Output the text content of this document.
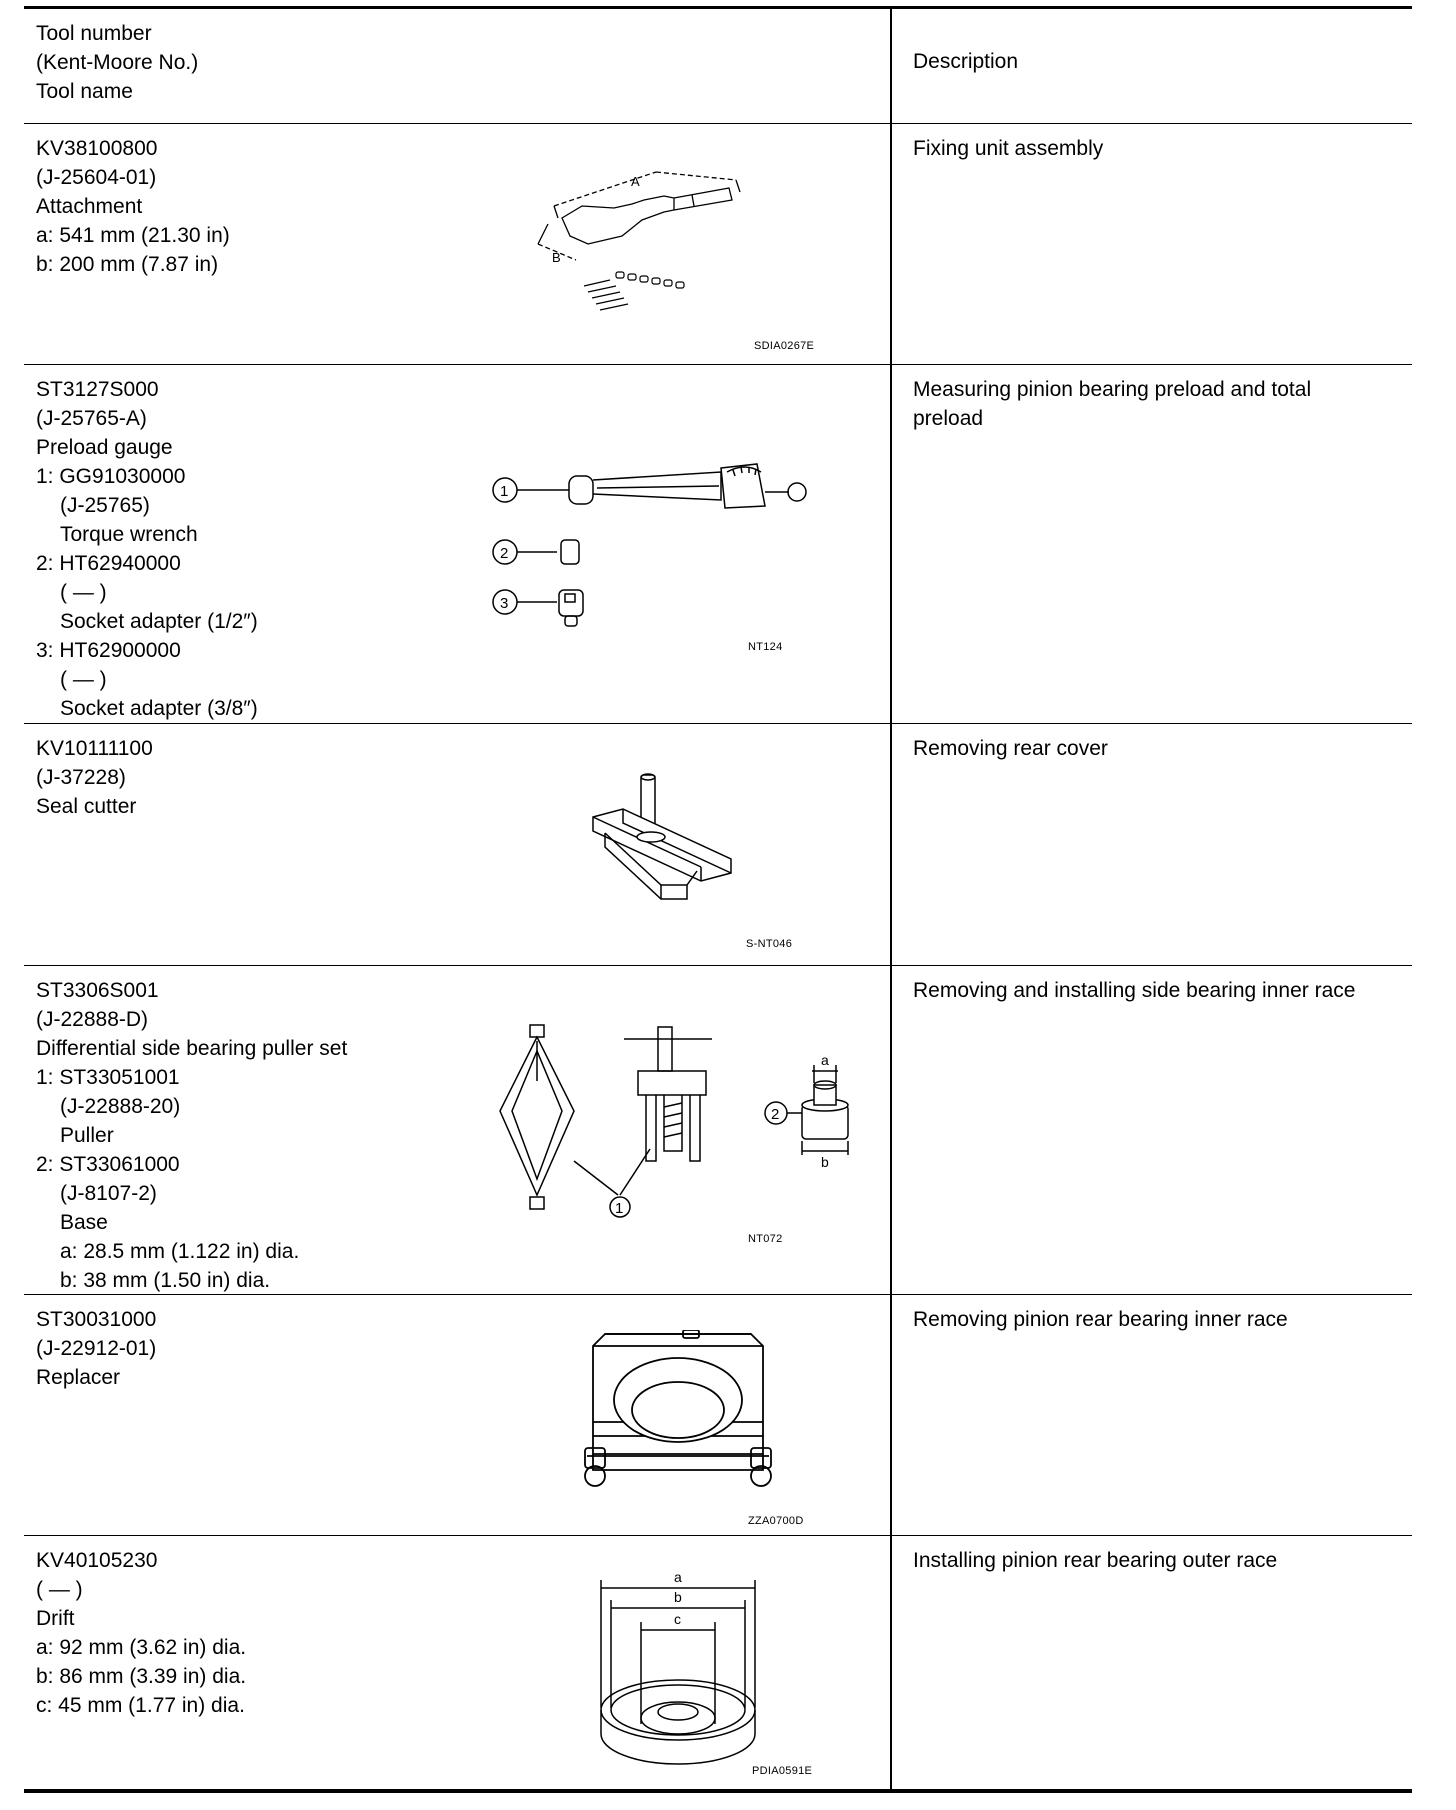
Tool number
(Kent-Moore No.)
Tool name
Description
KV38100800
(J-25604-01)
Attachment
a: 541 mm (21.30 in)
b: 200 mm (7.87 in)
Fixing unit assembly
A
B
SDIA0267E
ST3127S000
(J-25765-A)
Preload gauge
1: GG91030000
(J-25765)
Torque wrench
2: HT62940000
( — )
Socket adapter (1/2″)
3: HT62900000
( — )
Socket adapter (3/8″)
Measuring pinion bearing preload and total preload
1
2
3
NT124
KV10111100
(J-37228)
Seal cutter
Removing rear cover
S-NT046
ST3306S001
(J-22888-D)
Differential side bearing puller set
1: ST33051001
(J-22888-20)
Puller
2: ST33061000
(J-8107-2)
Base
a: 28.5 mm (1.122 in) dia.
b: 38 mm (1.50 in) dia.
Removing and installing side bearing inner race
1
2
a
b
NT072
ST30031000
(J-22912-01)
Replacer
Removing pinion rear bearing inner race
ZZA0700D
KV40105230
( — )
Drift
a: 92 mm (3.62 in) dia.
b: 86 mm (3.39 in) dia.
c: 45 mm (1.77 in) dia.
Installing pinion rear bearing outer race
a
b
c
PDIA0591E
